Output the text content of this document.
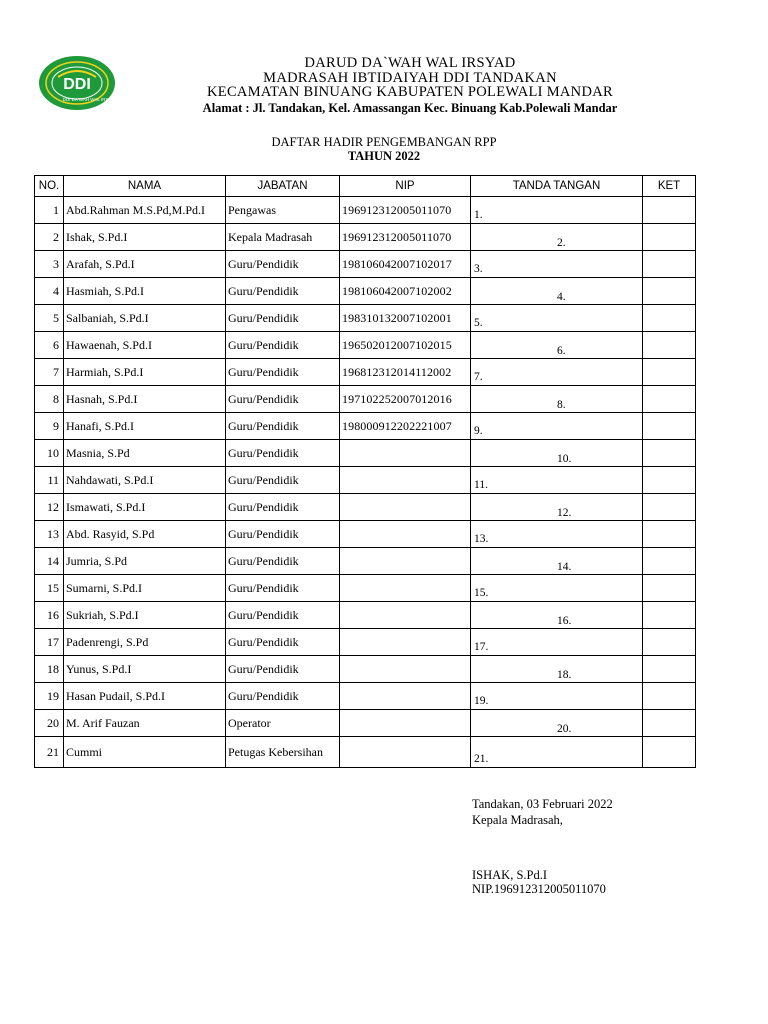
DDI
DDI DA'WAH WAL IRSYAD
DARUD DA`WAH WAL IRSYAD
MADRASAH IBTIDAIYAH DDI TANDAKAN
KECAMATAN BINUANG KABUPATEN POLEWALI MANDAR
Alamat : Jl. Tandakan, Kel. Amassangan Kec. Binuang Kab.Polewali Mandar
DAFTAR HADIR PENGEMBANGAN RPP
TAHUN 2022
NO.	NAMA	JABATAN	NIP	TANDA TANGAN	KET
1	Abd.Rahman M.S.Pd,M.Pd.I	Pengawas	196912312005011070	1.	

2	Ishak, S.Pd.I	Kepala Madrasah	196912312005011070	2.	

3	Arafah, S.Pd.I	Guru/Pendidik	198106042007102017	3.	

4	Hasmiah, S.Pd.I	Guru/Pendidik	198106042007102002	4.	

5	Salbaniah, S.Pd.I	Guru/Pendidik	198310132007102001	5.	

6	Hawaenah, S.Pd.I	Guru/Pendidik	196502012007102015	6.	

7	Harmiah, S.Pd.I	Guru/Pendidik	196812312014112002	7.	

8	Hasnah, S.Pd.I	Guru/Pendidik	197102252007012016	8.	

9	Hanafi, S.Pd.I	Guru/Pendidik	198000912202221007	9.	

10	Masnia, S.Pd	Guru/Pendidik		10.	

11	Nahdawati, S.Pd.I	Guru/Pendidik		11.	

12	Ismawati, S.Pd.I	Guru/Pendidik		12.	

13	Abd. Rasyid, S.Pd	Guru/Pendidik		13.	

14	Jumria, S.Pd	Guru/Pendidik		14.	

15	Sumarni, S.Pd.I	Guru/Pendidik		15.	

16	Sukriah, S.Pd.I	Guru/Pendidik		16.	

17	Padenrengi, S.Pd	Guru/Pendidik		17.	

18	Yunus, S.Pd.I	Guru/Pendidik		18.	

19	Hasan Pudail, S.Pd.I	Guru/Pendidik		19.	

20	M. Arif Fauzan	Operator		20.	

21	Cummi	Petugas Kebersihan		21.	

Tandakan, 03 Februari 2022
Kepala Madrasah,
ISHAK, S.Pd.I
NIP.196912312005011070
